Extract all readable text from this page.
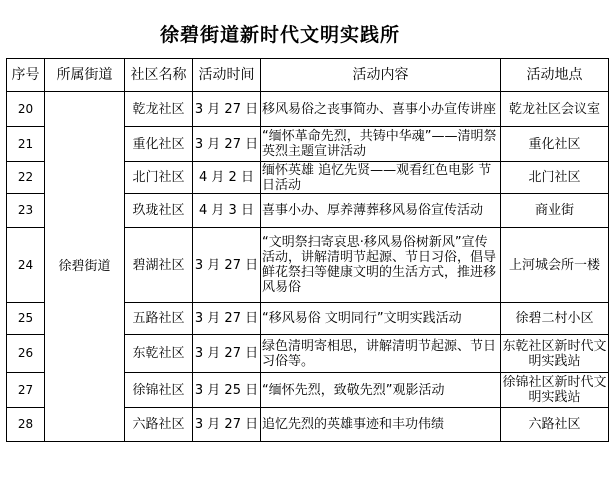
徐碧街道新时代文明实践所
序号	所属街道	社区名称	活动时间	活动内容	活动地点
20	徐碧街道	乾龙社区	3 月 27 日	移风易俗之丧事简办、喜事小办宣传讲座	乾龙社区会议室
21		重化社区	3 月 27 日	“缅怀革命先烈，共铸中华魂”——清明祭英烈主题宣讲活动	重化社区
22		北门社区	4 月 2 日	缅怀英雄 追忆先贤——观看红色电影 节日活动	北门社区
23		玖珑社区	4 月 3 日	喜事小办、厚养薄葬移风易俗宣传活动	商业街
24		碧湖社区	3 月 27 日	“文明祭扫寄哀思·移风易俗树新风”宣传活动，讲解清明节起源、节日习俗，倡导鲜花祭扫等健康文明的生活方式，推进移风易俗	上河城会所一楼
25		五路社区	3 月 27 日	“移风易俗 文明同行”文明实践活动	徐碧二村小区
26		东乾社区	3 月 27 日	绿色清明寄相思，讲解清明节起源、节日习俗等。	东乾社区新时代文明实践站
27		徐锦社区	3 月 25 日	“缅怀先烈，致敬先烈”观影活动	徐锦社区新时代文明实践站
28		六路社区	3 月 27 日	追忆先烈的英雄事迹和丰功伟绩	六路社区
